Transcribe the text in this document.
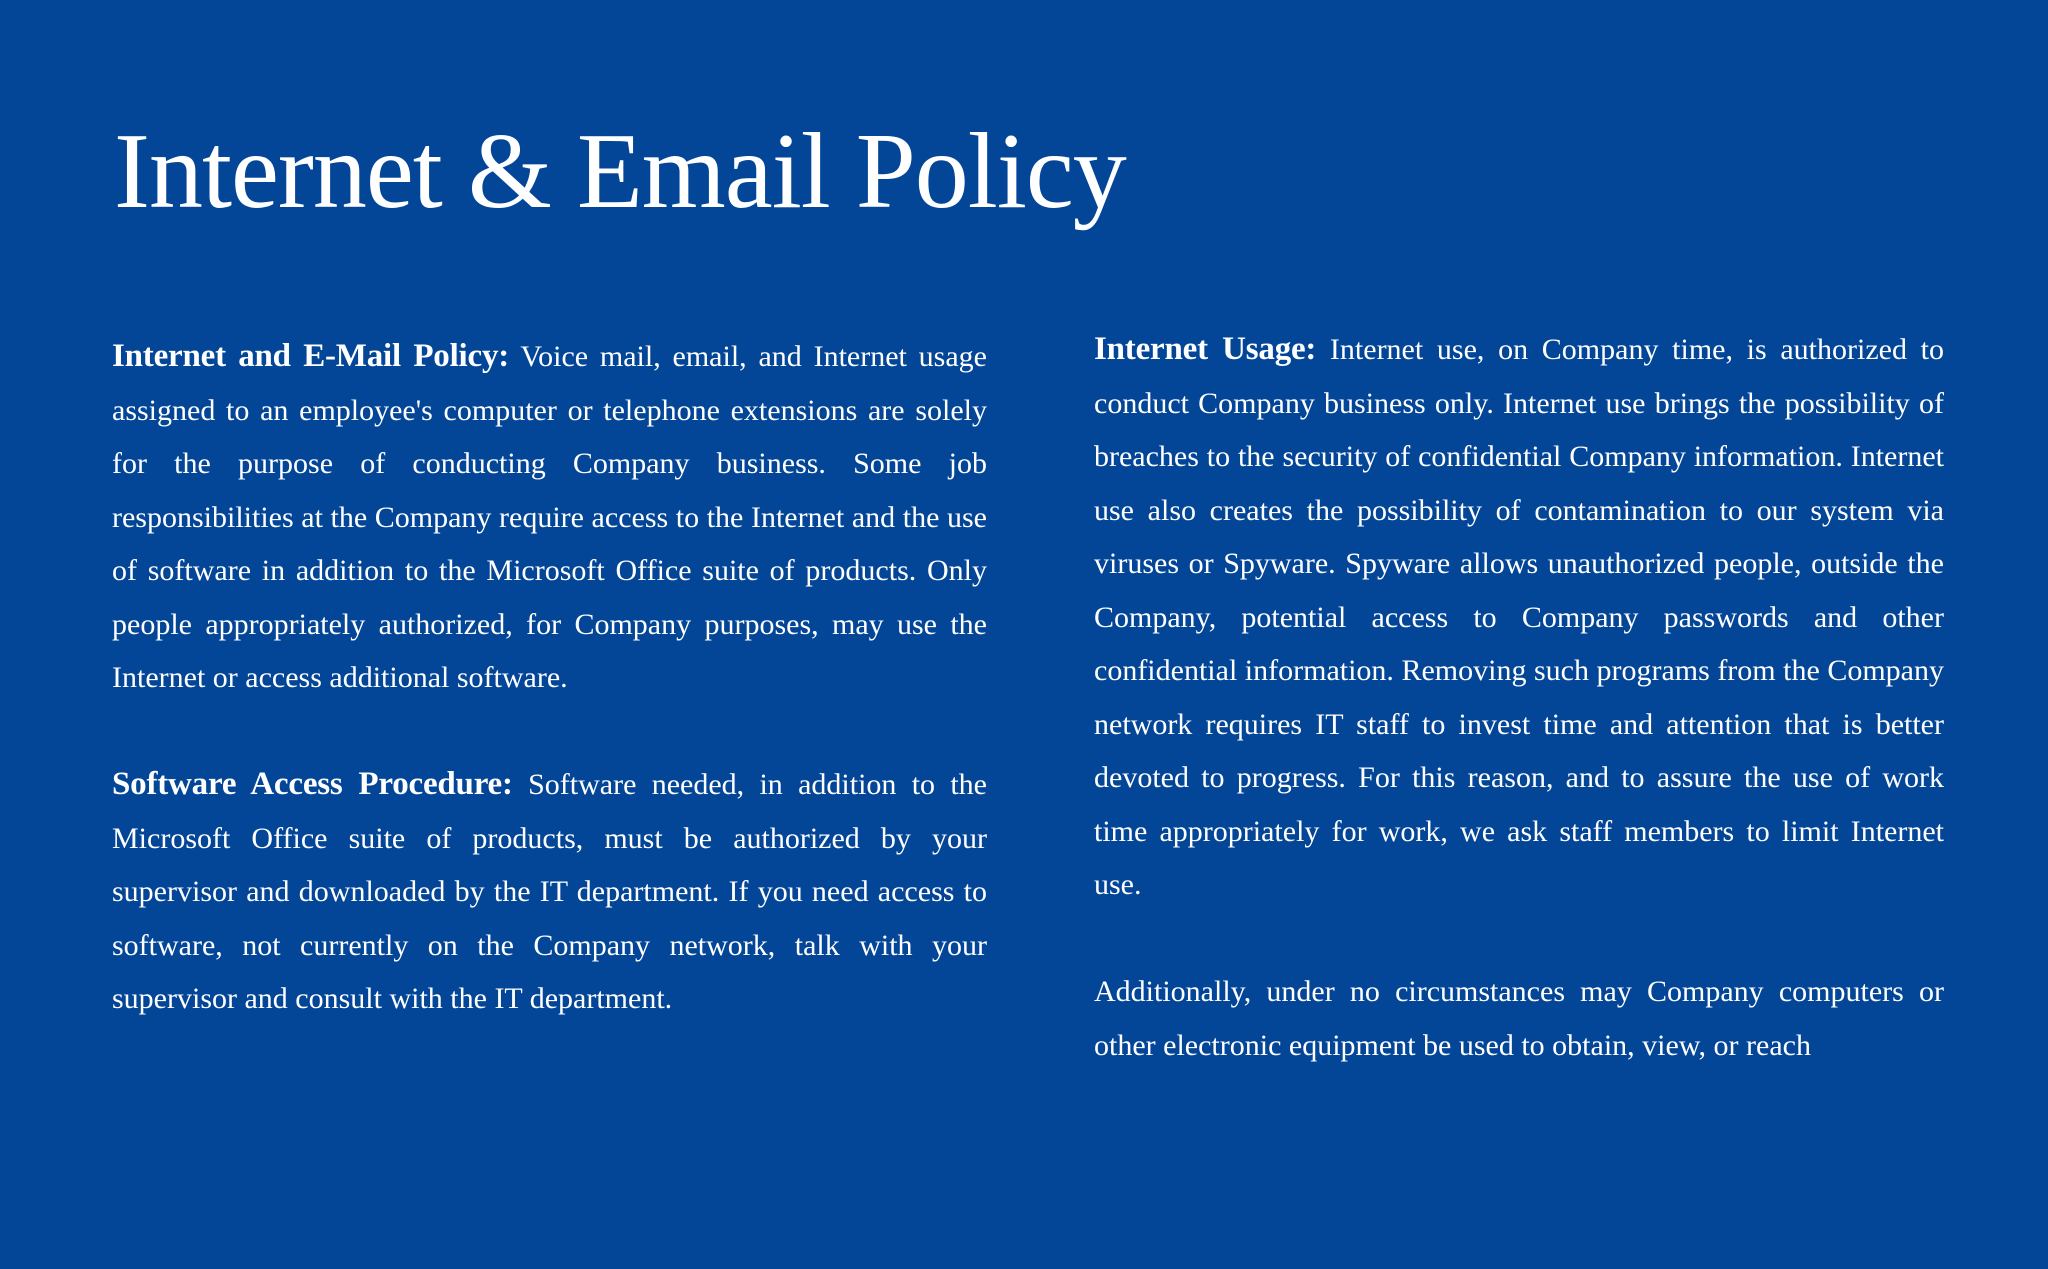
Internet & Email Policy

Internet and E-Mail Policy: Voice mail, email, and Internet usage assigned to an employee's computer or telephone extensions are solely for the purpose of conducting Company business. Some job responsibilities at the Company require access to the Internet and the use of software in addition to the Microsoft Office suite of products. Only people appropriately authorized, for Company purposes, may use the Internet or access additional software.

Software Access Procedure: Software needed, in addition to the Microsoft Office suite of products, must be authorized by your supervisor and downloaded by the IT department. If you need access to software, not currently on the Company network, talk with your supervisor and consult with the IT department.

Internet Usage: Internet use, on Company time, is authorized to conduct Company business only. Internet use brings the possibility of breaches to the security of confidential Company information. Internet use also creates the possibility of contamination to our system via viruses or Spyware. Spyware allows unauthorized people, outside the Company, potential access to Company passwords and other confidential information. Removing such programs from the Company network requires IT staff to invest time and attention that is better devoted to progress. For this reason, and to assure the use of work time appropriately for work, we ask staff members to limit Internet use.

Additionally, under no circumstances may Company computers or other electronic equipment be used to obtain, view, or reach
